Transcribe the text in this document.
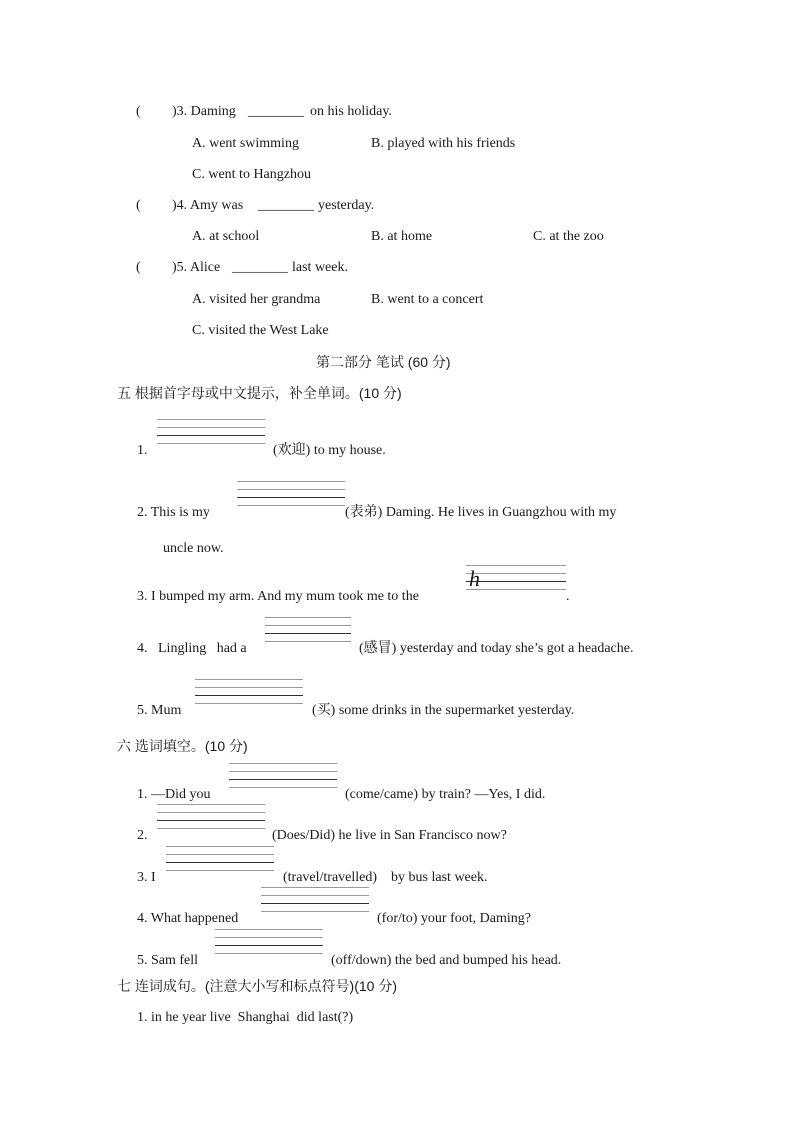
( )3. Daming ________ on his holiday.
A. went swimming	B. played with his friends
C. went to Hangzhou
( )4. Amy was ________ yesterday.
A. at school	B. at home	C. at the zoo
( )5. Alice ________ last week.
A. visited her grandma	B. went to a concert
C. visited the West Lake
第二部分 笔试 (60 分)
五 根据首字母或中文提示，补全单词。(10 分)
1.	(欢迎) to my house.
2. This is my	(表弟) Daming. He lives in Guangzhou with my
uncle now.
3. I bumped my arm. And my mum took me to the
h
.
4.   Lingling   had a	(感冒) yesterday and today she’s got a headache.
5. Mum	(买) some drinks in the supermarket yesterday.
六 选词填空。(10 分)
1. —Did you	(come/came) by train? —Yes, I did.
2.	(Does/Did) he live in San Francisco now?
3. I	(travel/travelled)    by bus last week.
4. What happened	(for/to) your foot, Daming?
5. Sam fell	(off/down) the bed and bumped his head.
七 连词成句。(注意大小写和标点符号)(10 分)
1. in he year live  Shanghai  did last(?)
